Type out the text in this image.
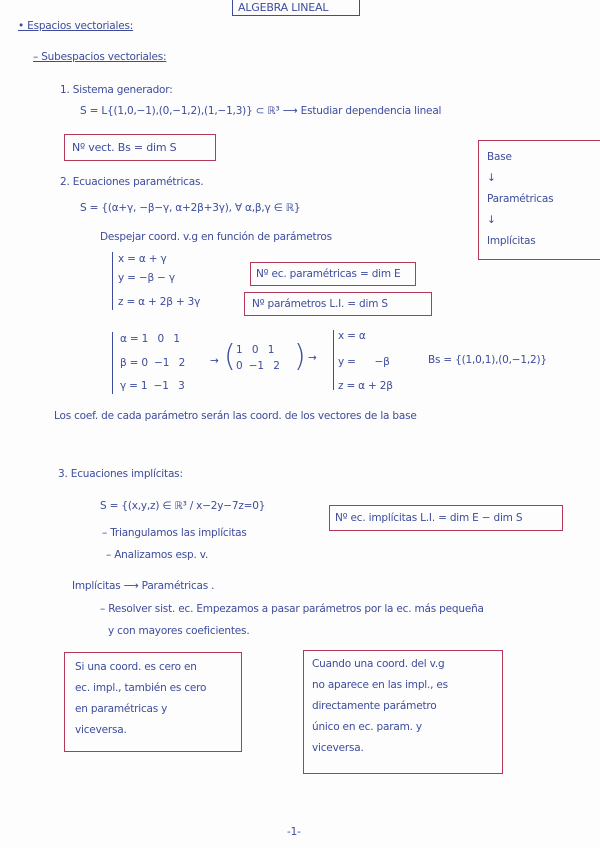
ALGEBRA LINEAL
• Espacios vectoriales:
– Subespacios vectoriales:
1. Sistema generador:
S = L{(1,0,−1),(0,−1,2),(1,−1,3)} ⊂ ℝ³ ⟶ Estudiar dependencia lineal
Nº vect. Bs = dim S
Base
↓
Paramétricas
↓
Implícitas
2. Ecuaciones paramétricas.
S = {(α+γ, −β−γ, α+2β+3γ), ∀ α,β,γ ∈ ℝ}
Despejar coord. v.g en función de parámetros
x = α + γ
y = −β − γ
z = α + 2β + 3γ
Nº ec. paramétricas = dim E
Nº parámetros L.I. = dim S
α = 1   0   1
β = 0  −1   2
γ = 1  −1   3
→ ( 1   0   1
0  −1   2 ) →
x = α
y =      −β
z = α + 2β
Bs = {(1,0,1),(0,−1,2)}
Los coef. de cada parámetro serán las coord. de los vectores de la base
3. Ecuaciones implícitas:
S = {(x,y,z) ∈ ℝ³ / x−2y−7z=0}
Nº ec. implícitas L.I. = dim E − dim S
– Triangulamos las implícitas
– Analizamos esp. v.
Implícitas ⟶ Paramétricas .
– Resolver sist. ec. Empezamos a pasar parámetros por la ec. más pequeña
y con mayores coeficientes.
Si una coord. es cero en
ec. impl., también es cero
en paramétricas y
viceversa.
Cuando una coord. del v.g
no aparece en las impl., es
directamente parámetro
único en ec. param. y
viceversa.
-1-
